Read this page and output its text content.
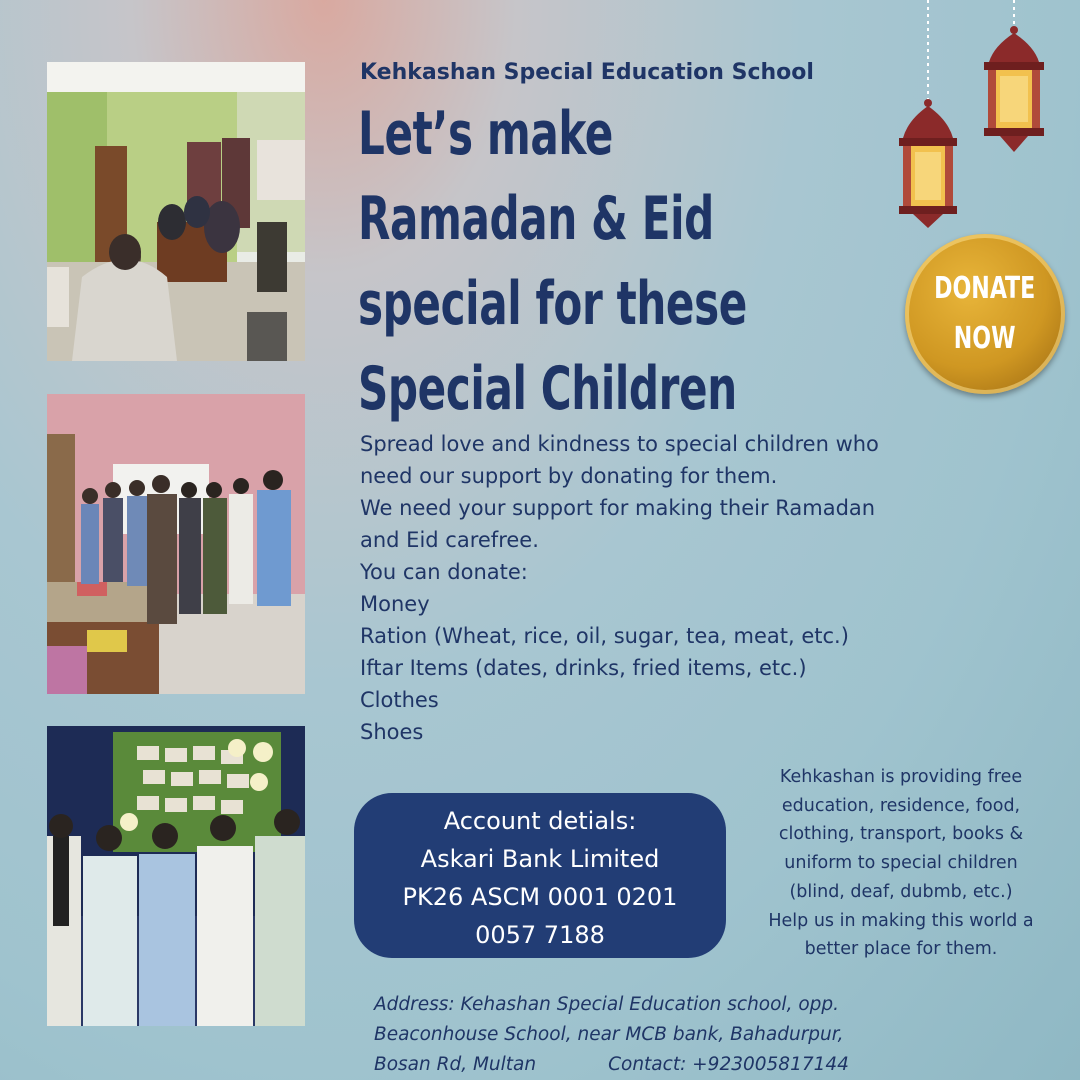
Kehkashan Special Education School
Let’s make
Ramadan & Eid
special for these
Special Children
DONATE
NOW
Spread love and kindness to special children who
need our support by donating for them.
We need your support for making their Ramadan
and Eid carefree.
You can donate:
Money
Ration (Wheat, rice, oil, sugar, tea, meat, etc.)
Iftar Items (dates, drinks, fried items, etc.)
Clothes
Shoes
Account detials:
Askari Bank Limited
PK26 ASCM 0001 0201
0057 7188
Kehkashan is providing free
education, residence, food,
clothing, transport, books &
uniform to special children
(blind, deaf, dubmb, etc.)
Help us in making this world a
better place for them.
Address: Kehashan Special Education school, opp.
Beaconhouse School, near MCB bank, Bahadurpur,
Bosan Rd, Multan	Contact: +923005817144
